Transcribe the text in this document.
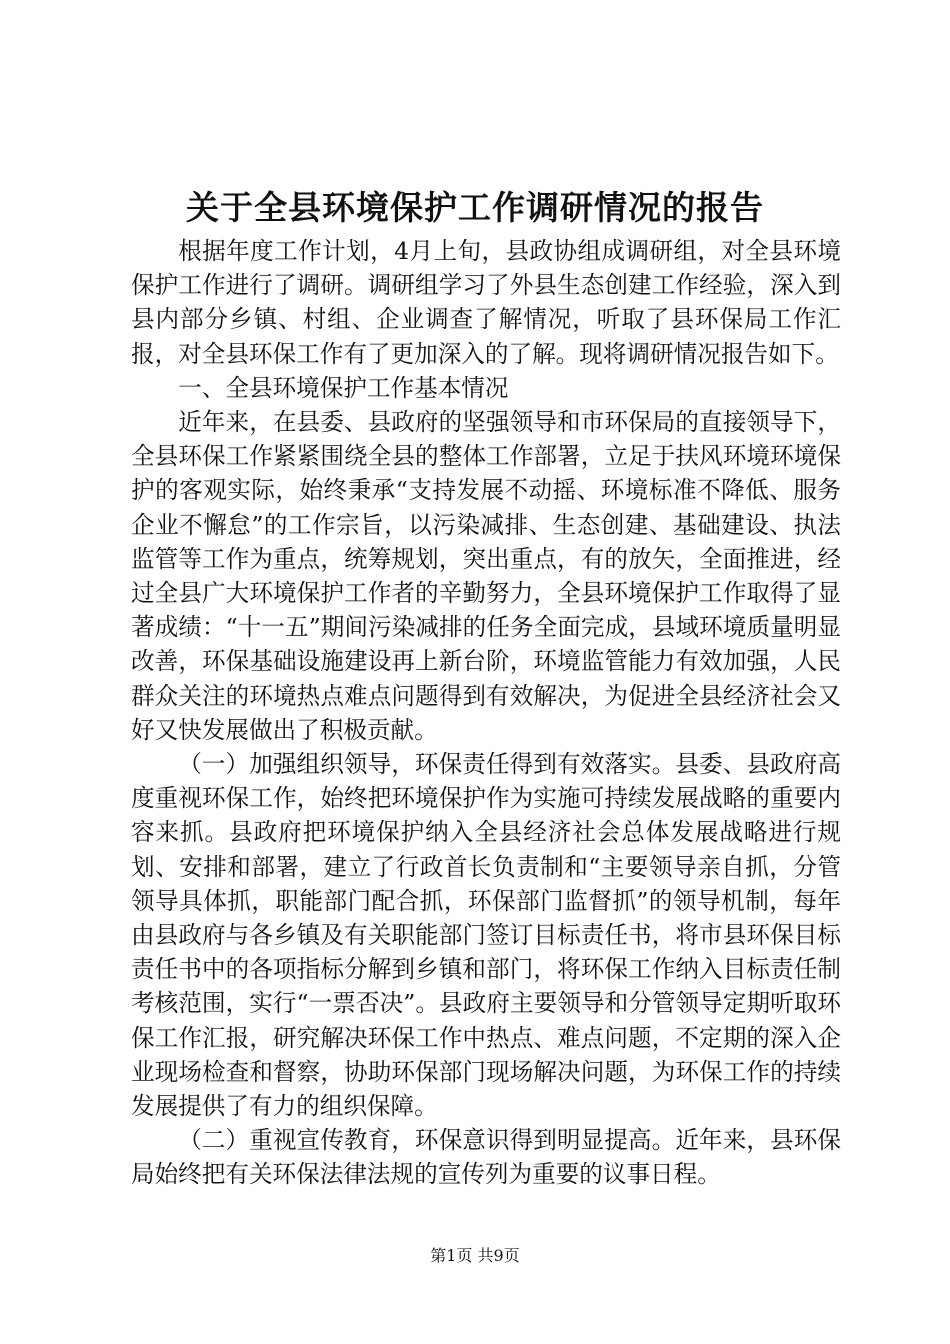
关于全县环境保护工作调研情况的报告

根据年度工作计划，4月上旬，县政协组成调研组，对全县环境保护工作进行了调研。调研组学习了外县生态创建工作经验，深入到县内部分乡镇、村组、企业调查了解情况，听取了县环保局工作汇报，对全县环保工作有了更加深入的了解。现将调研情况报告如下。

一、全县环境保护工作基本情况

近年来，在县委、县政府的坚强领导和市环保局的直接领导下，全县环保工作紧紧围绕全县的整体工作部署，立足于扶风环境环境保护的客观实际，始终秉承“支持发展不动摇、环境标准不降低、服务企业不懈怠”的工作宗旨，以污染减排、生态创建、基础建设、执法监管等工作为重点，统筹规划，突出重点，有的放矢，全面推进，经过全县广大环境保护工作者的辛勤努力，全县环境保护工作取得了显著成绩：“十一五”期间污染减排的任务全面完成，县域环境质量明显改善，环保基础设施建设再上新台阶，环境监管能力有效加强，人民群众关注的环境热点难点问题得到有效解决，为促进全县经济社会又好又快发展做出了积极贡献。

（一）加强组织领导，环保责任得到有效落实。县委、县政府高度重视环保工作，始终把环境保护作为实施可持续发展战略的重要内容来抓。县政府把环境保护纳入全县经济社会总体发展战略进行规划、安排和部署，建立了行政首长负责制和“主要领导亲自抓，分管领导具体抓，职能部门配合抓，环保部门监督抓”的领导机制，每年由县政府与各乡镇及有关职能部门签订目标责任书，将市县环保目标责任书中的各项指标分解到乡镇和部门，将环保工作纳入目标责任制考核范围，实行“一票否决”。县政府主要领导和分管领导定期听取环保工作汇报，研究解决环保工作中热点、难点问题，不定期的深入企业现场检查和督察，协助环保部门现场解决问题，为环保工作的持续发展提供了有力的组织保障。

（二）重视宣传教育，环保意识得到明显提高。近年来，县环保局始终把有关环保法律法规的宣传列为重要的议事日程。

第1页 共9页
